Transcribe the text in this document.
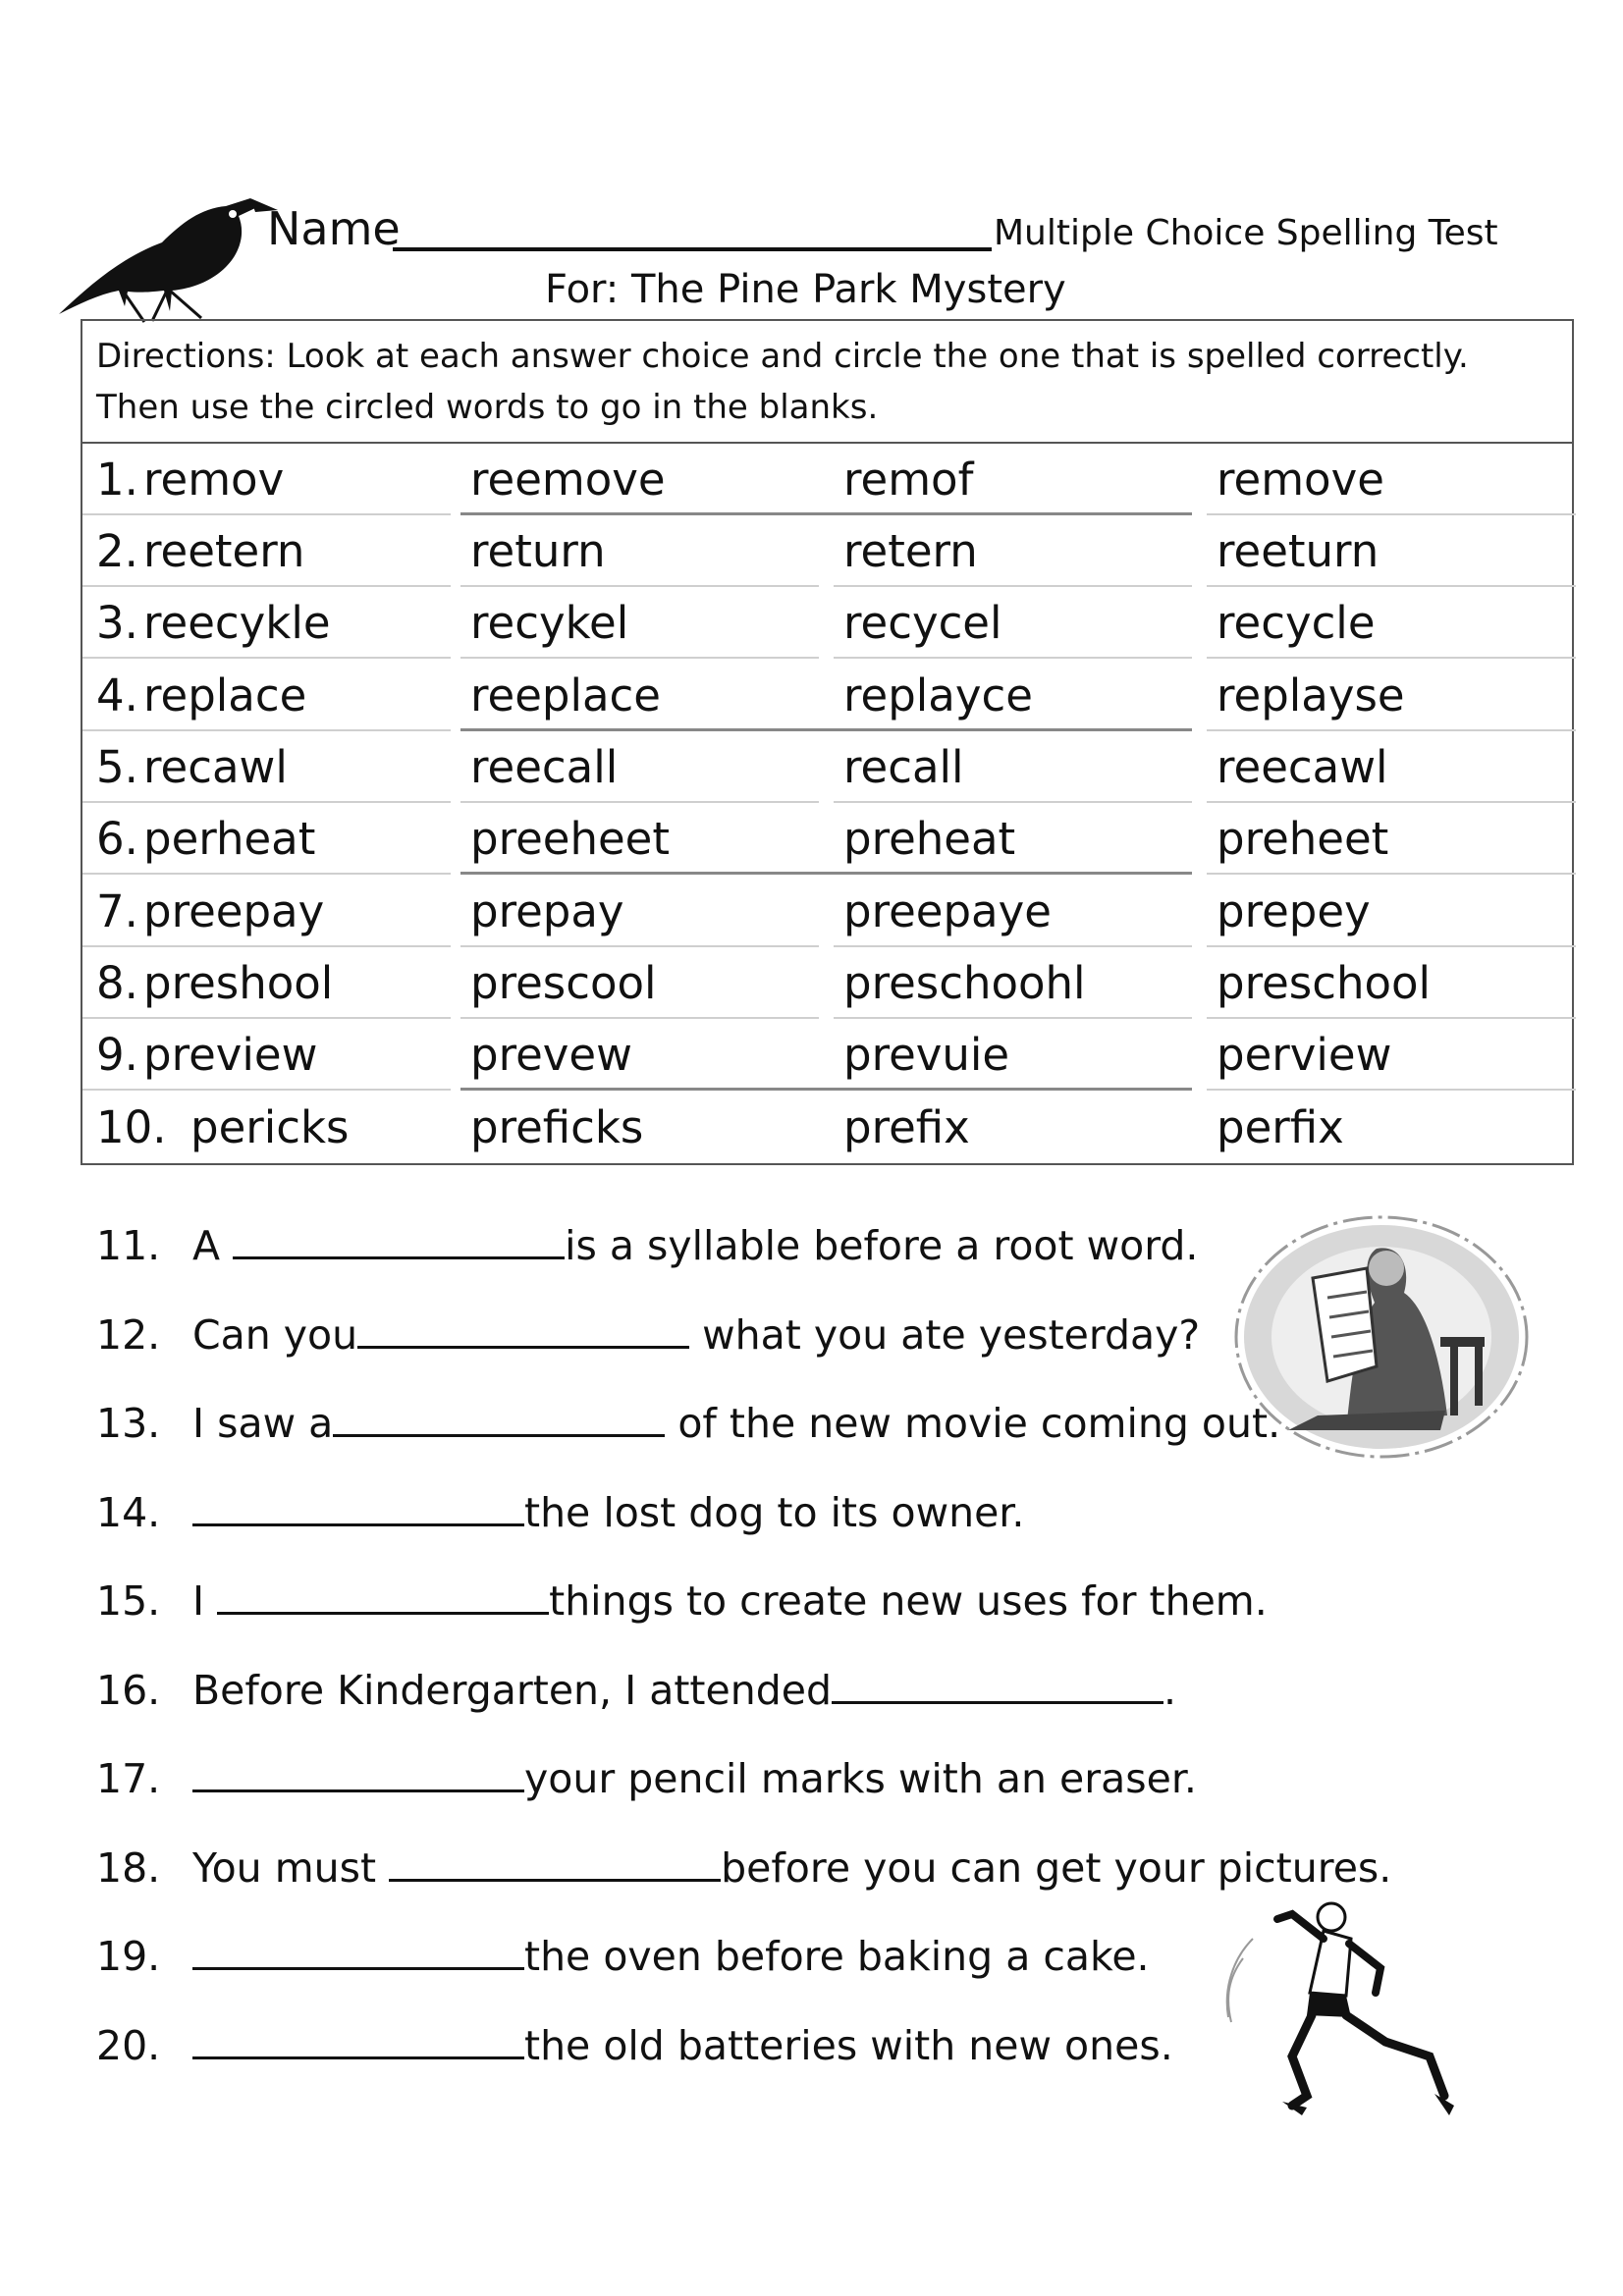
Name	Multiple Choice Spelling Test
For: The Pine Park Mystery
Directions: Look at each answer choice and circle the one that is spelled correctly.
Then use the circled words to go in the blanks.
1. remov	reemove	remof	remove
2. reetern	return	retern	reeturn
3. reecykle	recykel	recycel	recycle
4. replace	reeplace	replayce	replayse
5. recawl	reecall	recall	reecawl
6. perheat	preeheet	preheat	preheet
7. preepay	prepay	preepaye	prepey
8. preshool	prescool	preschoohl	preschool
9. preview	prevew	prevuie	perview
10. pericks	preficks	prefix	perfix
11. A	is a syllable before a root word.
12. Can you	what you ate yesterday?
13. I saw a	of the new movie coming out.
14.	the lost dog to its owner.
15. I	things to create new uses for them.
16. Before Kindergarten, I attended	.
17.	your pencil marks with an eraser.
18. You must	before you can get your pictures.
19.	the oven before baking a cake.
20.	the old batteries with new ones.
